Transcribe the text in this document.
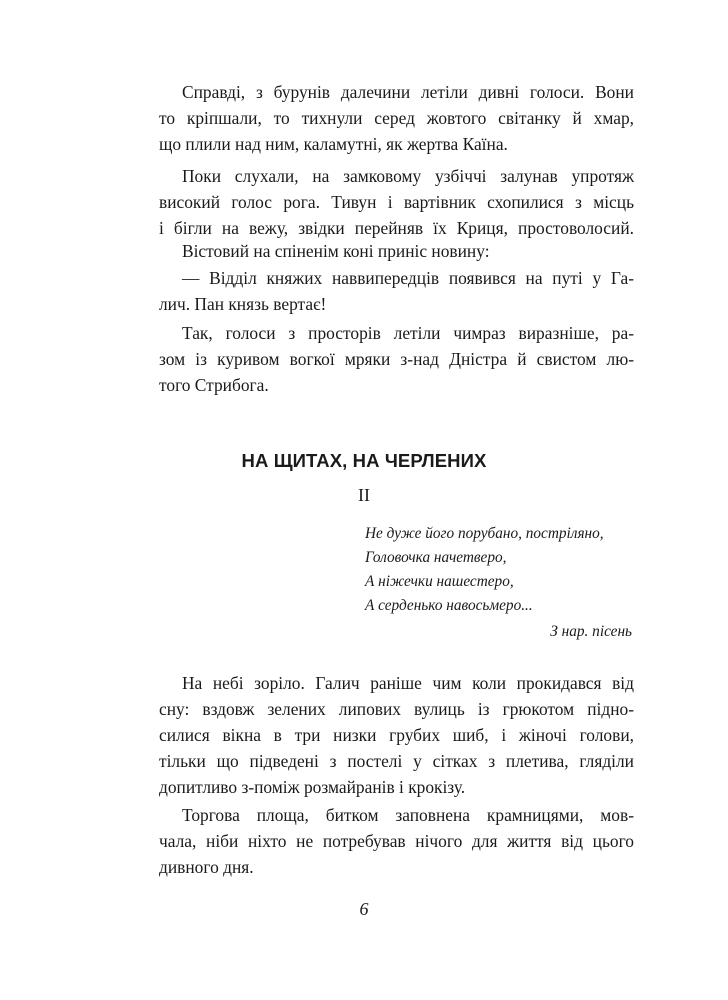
Справді, з бурунів далечини летіли дивні голоси. Вони

то кріпшали, то тихнули серед жовтого світанку й хмар,

що плили над ним, каламутні, як жертва Каїна.

Поки слухали, на замковому узбіччі залунав упротяж

високий голос рога. Тивун і вартівник схопилися з місць

і бігли на вежу, звідки перейняв їх Криця, простоволосий.

Вістовий на спіненім коні приніс новину:

— Відділ княжих наввипередців появився на путі у Га-

лич. Пан князь вертає!

Так, голоси з просторів летіли чимраз виразніше, ра-

зом із куривом вогкої мряки з-над Дністра й свистом лю-

того Стрибога.

НА ЩИТАХ, НА ЧЕРЛЕНИХ

II

Не дуже його порубано, постріляно,

Головочка начетверо,

А ніжечки нашестеро,

А серденько навосьмеро...

З нар. пісень

На небі зоріло. Галич раніше чим коли прокидався від

сну: вздовж зелених липових вулиць із грюкотом підно-

силися вікна в три низки грубих шиб, і жіночі голови,

тільки що підведені з постелі у сітках з плетива, гляділи

допитливо з-поміж розмайранів і крокізу.

Торгова площа, битком заповнена крамницями, мов-

чала, ніби ніхто не потребував нічого для життя від цього

дивного дня.

6
